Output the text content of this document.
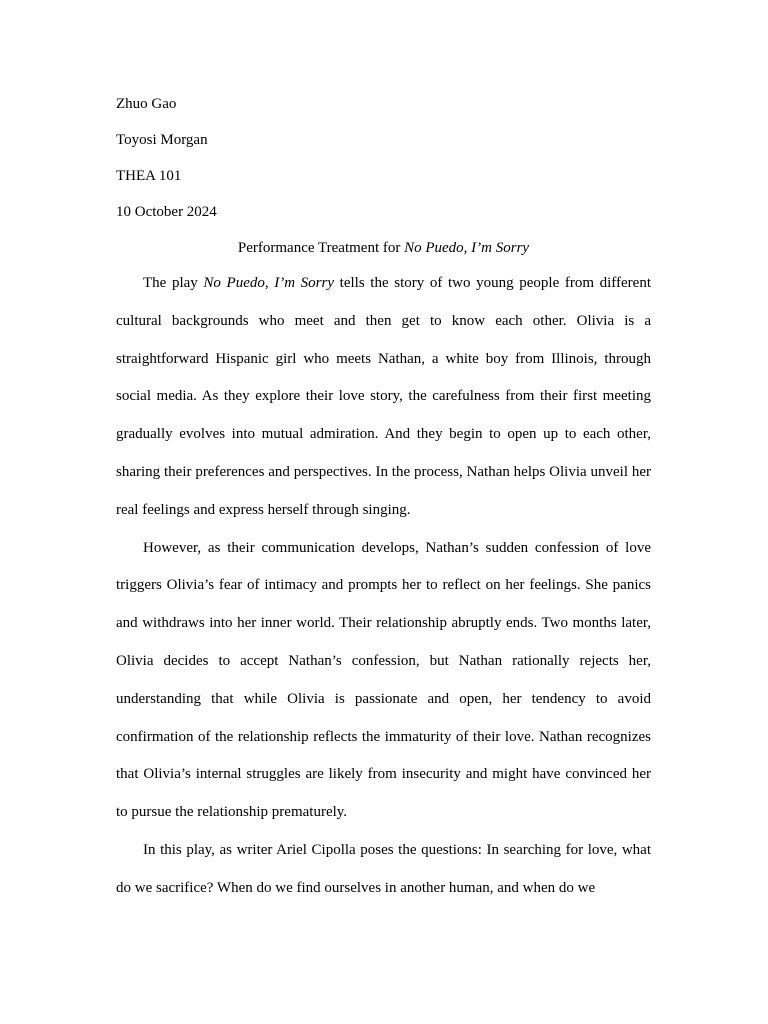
Zhuo Gao
Toyosi Morgan
THEA 101
10 October 2024
Performance Treatment for No Puedo, I’m Sorry

The play No Puedo, I’m Sorry tells the story of two young people from different cultural backgrounds who meet and then get to know each other. Olivia is a straightforward Hispanic girl who meets Nathan, a white boy from Illinois, through social media. As they explore their love story, the carefulness from their first meeting gradually evolves into mutual admiration. And they begin to open up to each other, sharing their preferences and perspectives. In the process, Nathan helps Olivia unveil her real feelings and express herself through singing.

However, as their communication develops, Nathan’s sudden confession of love triggers Olivia’s fear of intimacy and prompts her to reflect on her feelings. She panics and withdraws into her inner world. Their relationship abruptly ends. Two months later, Olivia decides to accept Nathan’s confession, but Nathan rationally rejects her, understanding that while Olivia is passionate and open, her tendency to avoid confirmation of the relationship reflects the immaturity of their love. Nathan recognizes that Olivia’s internal struggles are likely from insecurity and might have convinced her to pursue the relationship prematurely.

In this play, as writer Ariel Cipolla poses the questions: In searching for love, what do we sacrifice? When do we find ourselves in another human, and when do we
